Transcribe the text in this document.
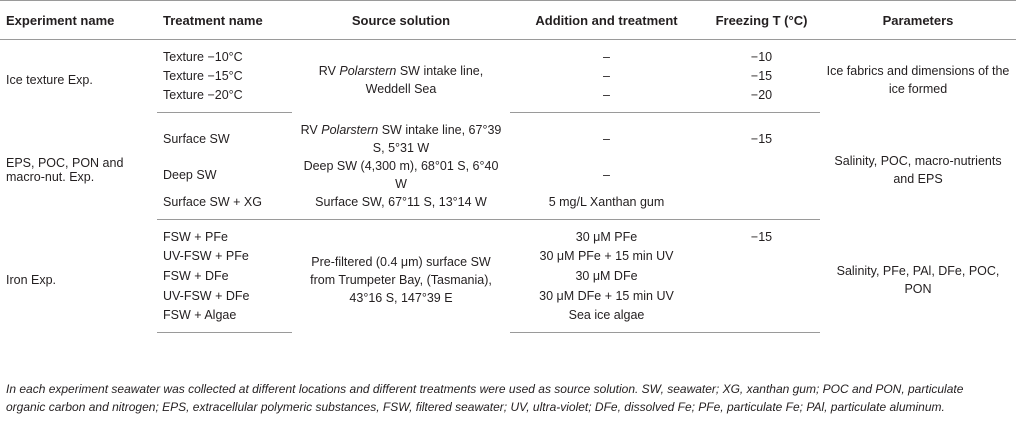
Experiment name	Treatment name	Source solution	Addition and treatment	Freezing T (°C)	Parameters
Ice texture Exp.	Texture −10°C	RV Polarstern SW intake line, Weddell Sea	–	−10	Ice fabrics and dimensions of the ice formed
	Texture −15°C		–	−15	
	Texture −20°C		–	−20	
EPS, POC, PON and macro-nut. Exp.	Surface SW	RV Polarstern SW intake line, 67°39 S, 5°31 W	–	−15	Salinity, POC, macro-nutrients and EPS
	Deep SW	Deep SW (4,300 m), 68°01 S, 6°40 W	–		
	Surface SW + XG	Surface SW, 67°11 S, 13°14 W	5 mg/L Xanthan gum		
Iron Exp.	FSW + PFe	Pre-filtered (0.4 μm) surface SW from Trumpeter Bay, (Tasmania), 43°16 S, 147°39 E	30 μM PFe	−15	Salinity, PFe, PAl, DFe, POC, PON
	UV-FSW + PFe		30 μM PFe + 15 min UV		
	FSW + DFe		30 μM DFe		
	UV-FSW + DFe		30 μM DFe + 15 min UV		
	FSW + Algae		Sea ice algae		
In each experiment seawater was collected at different locations and different treatments were used as source solution. SW, seawater; XG, xanthan gum; POC and PON, particulate organic carbon and nitrogen; EPS, extracellular polymeric substances, FSW, filtered seawater; UV, ultra-violet; DFe, dissolved Fe; PFe, particulate Fe; PAl, particulate aluminum.
